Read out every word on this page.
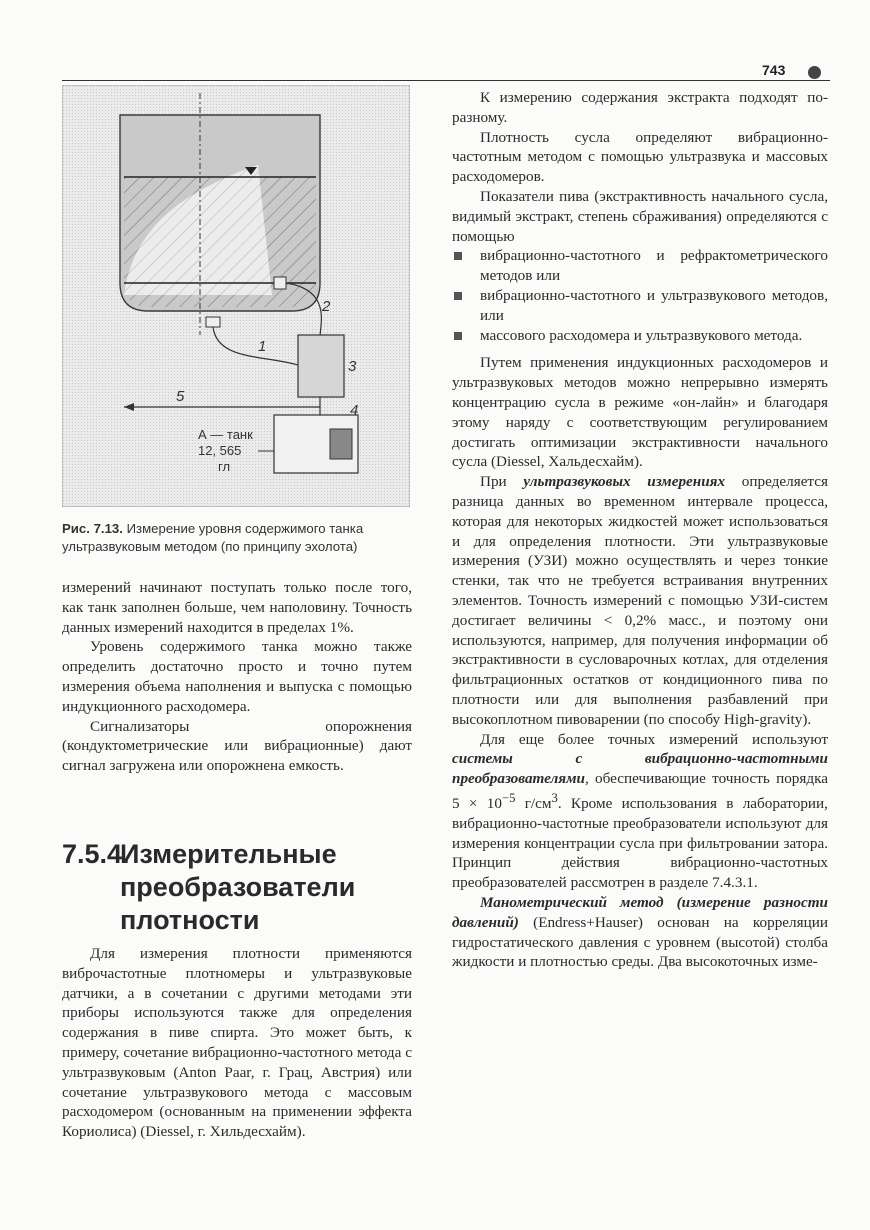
743
1
2
3
4
5
А — танк
12, 565
гл
Рис. 7.13. Измерение уровня содержимого танка ультразвуковым методом (по принципу эхолота)

измерений начинают поступать только после того, как танк заполнен больше, чем наполовину. Точность данных измерений находится в пределах 1%.

Уровень содержимого танка можно также определить достаточно просто и точно путем измерения объема наполнения и выпуска с помощью индукционного расходомера.

Сигнализаторы опорожнения (кондуктометрические или вибрационные) дают сигнал загружена или опорожнена емкость.

7.5.4.Измерительные
преобразователи
плотности

Для измерения плотности применяются виброчастотные плотномеры и ультразвуковые датчики, а в сочетании с другими методами эти приборы используются также для определения содержания в пиве спирта. Это может быть, к примеру, сочетание вибрационно-частотного метода с ультразвуковым (Anton Paar, г. Грац, Австрия) или сочетание ультразвукового метода с массовым расходомером (основанным на применении эффекта Кориолиса) (Diessel, г. Хильдесхайм).

К измерению содержания экстракта подходят по-разному.

Плотность сусла определяют вибрационно-частотным методом с помощью ультразвука и массовых расходомеров.

Показатели пива (экстрактивность начального сусла, видимый экстракт, степень сбраживания) определяются с помощью

вибрационно-частотного и рефрактометрического методов или
вибрационно-частотного и ультразвукового методов, или
массового расходомера и ультразвукового метода.

Путем применения индукционных расходомеров и ультразвуковых методов можно непрерывно измерять концентрацию сусла в режиме «он-лайн» и благодаря этому наряду с соответствующим регулированием достигать оптимизации экстрактивности начального сусла (Diessel, Хальдесхайм).

При ультразвуковых измерениях определяется разница данных во временном интервале процесса, которая для некоторых жидкостей может использоваться и для определения плотности. Эти ультразвуковые измерения (УЗИ) можно осуществлять и через тонкие стенки, так что не требуется встраивания внутренних элементов. Точность измерений с помощью УЗИ-систем достигает величины < 0,2% масс., и поэтому они используются, например, для получения информации об экстрактивности в сусловарочных котлах, для отделения фильтрационных остатков от кондиционного пива по плотности или для выполнения разбавлений при высокоплотном пивоварении (по способу High-gravity).

Для еще более точных измерений используют системы с вибрационно-частотными преобразователями, обеспечивающие точность порядка $5 \times 10^{-5}$ $г/см^3$. Кроме использования в лаборатории, вибрационно-частотные преобразователи используют для измерения концентрации сусла при фильтровании затора. Принцип действия вибрационно-частотных преобразователей рассмотрен в разделе 7.4.3.1.

Манометрический метод (измерение разности давлений) (Endress+Hauser) основан на корреляции гидростатического давления с уровнем (высотой) столба жидкости и плотностью среды. Два высокоточных изме-
